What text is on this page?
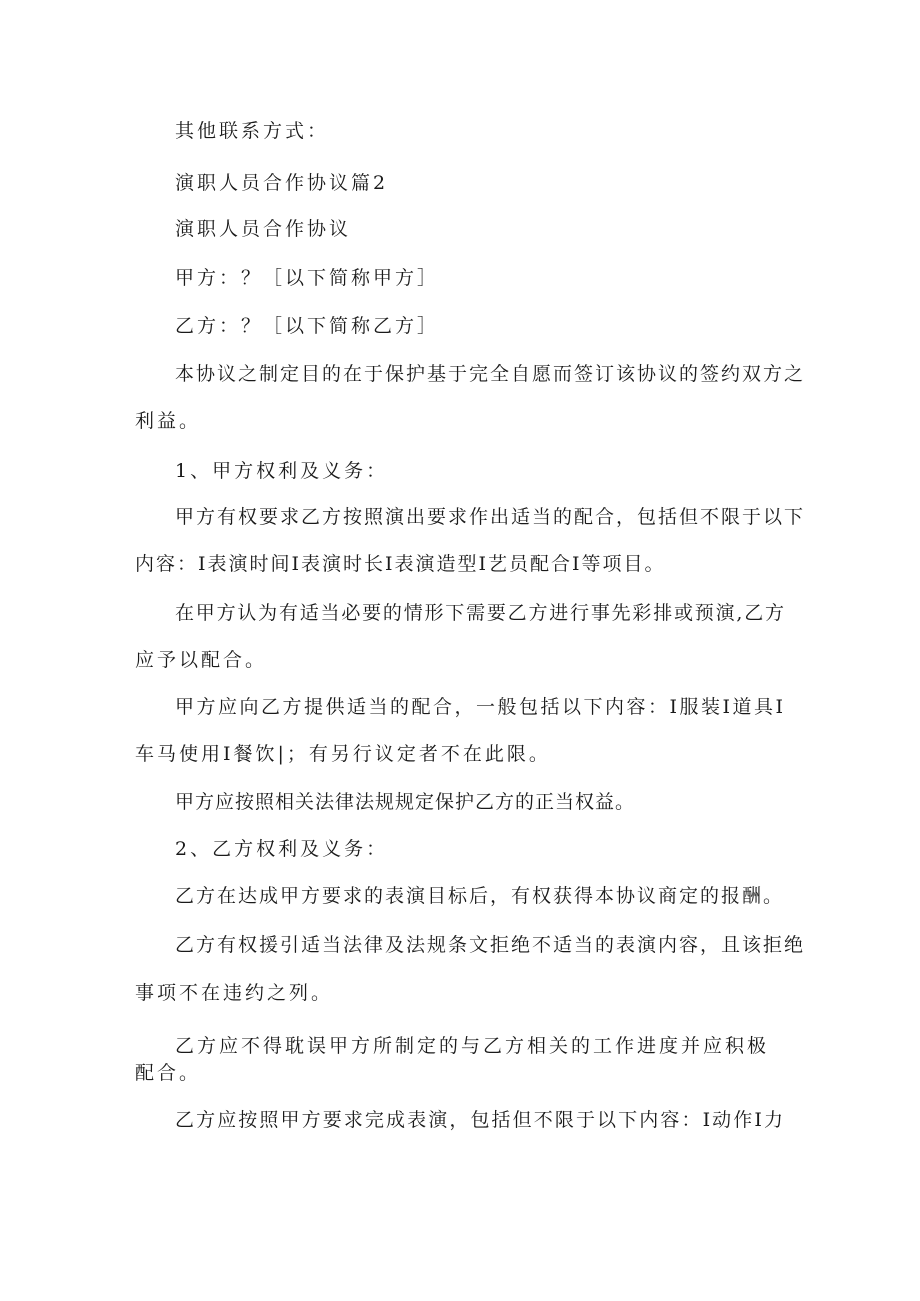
其他联系方式：

演职人员合作协议篇2

演职人员合作协议

甲方：？［以下简称甲方］

乙方：？［以下简称乙方］

本协议之制定目的在于保护基于完全自愿而签订该协议的签约双方之

利益。

1、甲方权利及义务：

甲方有权要求乙方按照演出要求作出适当的配合，包括但不限于以下

内容：I表演时间I表演时长I表演造型I艺员配合I等项目。

在甲方认为有适当必要的情形下需要乙方进行事先彩排或预演,乙方

应予以配合。

甲方应向乙方提供适当的配合，一般包括以下内容：I服装I道具I

车马使用I餐饮|；有另行议定者不在此限。

甲方应按照相关法律法规规定保护乙方的正当权益。

2、乙方权利及义务：

乙方在达成甲方要求的表演目标后，有权获得本协议商定的报酬。

乙方有权援引适当法律及法规条文拒绝不适当的表演内容，且该拒绝

事项不在违约之列。

乙方应不得耽误甲方所制定的与乙方相关的工作进度并应积极

配合。

乙方应按照甲方要求完成表演，包括但不限于以下内容：I动作I力
